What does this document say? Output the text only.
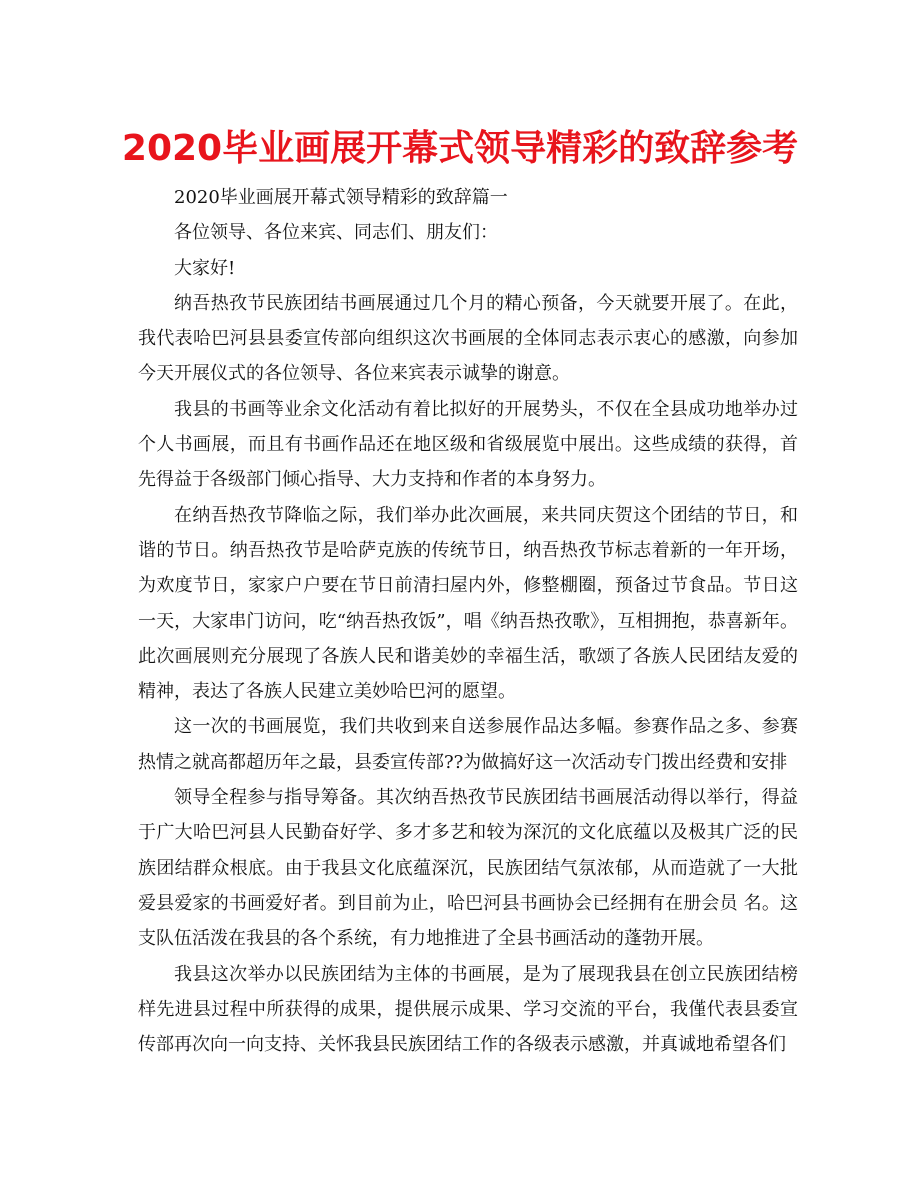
2020毕业画展开幕式领导精彩的致辞参考

2020毕业画展开幕式领导精彩的致辞篇一

各位领导、各位来宾、同志们、朋友们：

大家好!

纳吾热孜节民族团结书画展通过几个月的精心预备，今天就要开展了。在此，我代表哈巴河县县委宣传部向组织这次书画展的全体同志表示衷心的感激，向参加今天开展仪式的各位领导、各位来宾表示诚挚的谢意。

我县的书画等业余文化活动有着比拟好的开展势头，不仅在全县成功地举办过个人书画展，而且有书画作品还在地区级和省级展览中展出。这些成绩的获得，首先得益于各级部门倾心指导、大力支持和作者的本身努力。

在纳吾热孜节降临之际，我们举办此次画展，来共同庆贺这个团结的节日，和谐的节日。纳吾热孜节是哈萨克族的传统节日，纳吾热孜节标志着新的一年开场，为欢度节日，家家户户要在节日前清扫屋内外，修整棚圈，预备过节食品。节日这一天，大家串门访问，吃“纳吾热孜饭”，唱《纳吾热孜歌》，互相拥抱，恭喜新年。此次画展则充分展现了各族人民和谐美妙的幸福生活，歌颂了各族人民团结友爱的精神，表达了各族人民建立美妙哈巴河的愿望。

这一次的书画展览，我们共收到来自送参展作品达多幅。参赛作品之多、参赛热情之就高都超历年之最，县委宣传部??为做搞好这一次活动专门拨出经费和安排

领导全程参与指导筹备。其次纳吾热孜节民族团结书画展活动得以举行，得益于广大哈巴河县人民勤奋好学、多才多艺和较为深沉的文化底蕴以及极其广泛的民族团结群众根底。由于我县文化底蕴深沉，民族团结气氛浓郁，从而造就了一大批爱县爱家的书画爱好者。到目前为止，哈巴河县书画协会已经拥有在册会员 名。这支队伍活泼在我县的各个系统，有力地推进了全县书画活动的蓬勃开展。

我县这次举办以民族团结为主体的书画展，是为了展现我县在创立民族团结榜样先进县过程中所获得的成果，提供展示成果、学习交流的平台，我僅代表县委宣传部再次向一向支持、关怀我县民族团结工作的各级表示感激，并真诚地希望各们
